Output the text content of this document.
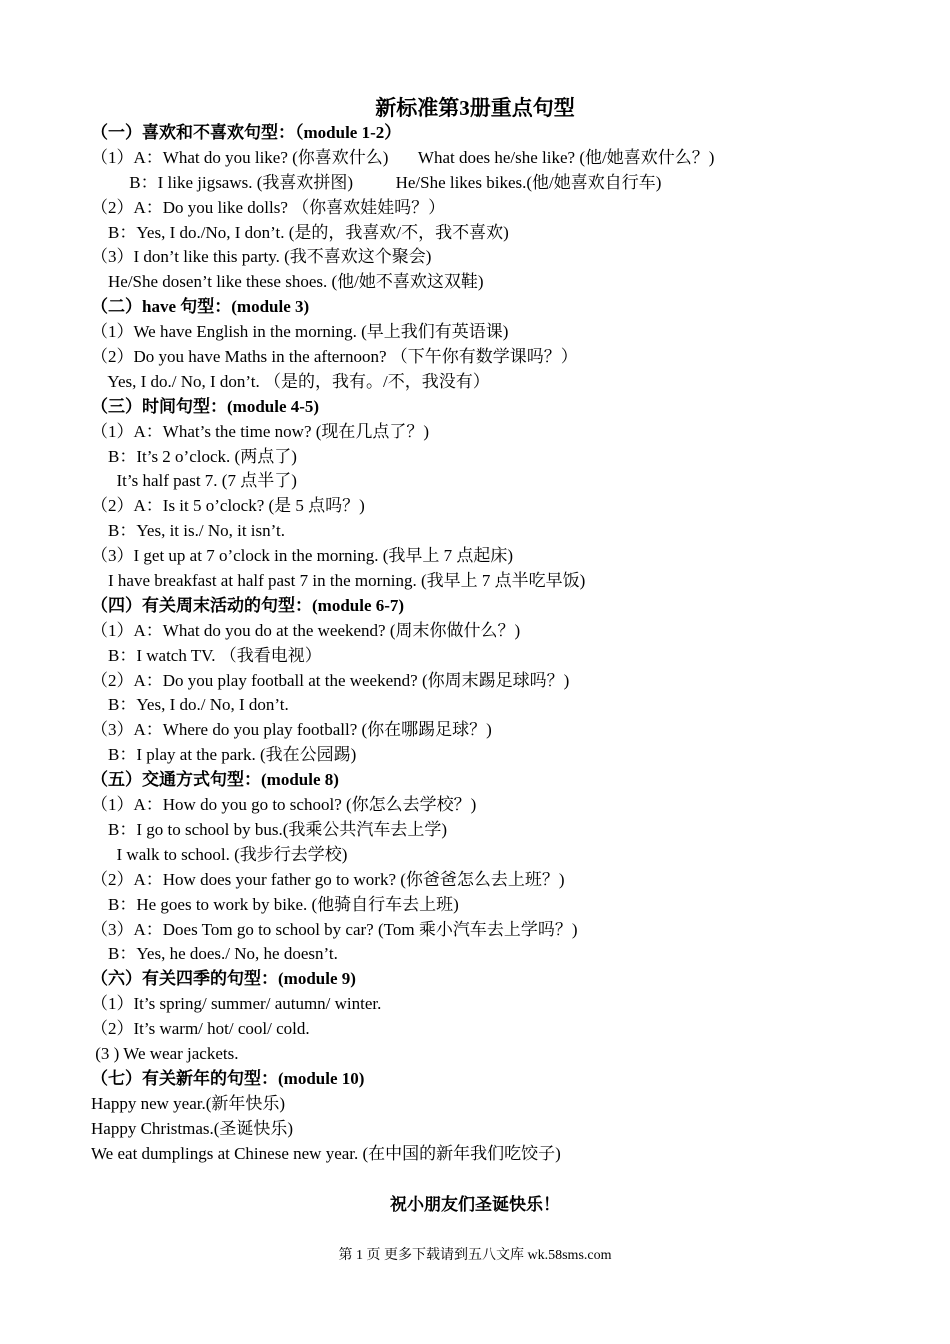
新标准第3册重点句型
（一）喜欢和不喜欢句型：（module 1-2）
（1）A：What do you like? (你喜欢什么)       What does he/she like? (他/她喜欢什么？)
B：I like jigsaws. (我喜欢拼图)          He/She likes bikes.(他/她喜欢自行车)
（2）A：Do you like dolls? （你喜欢娃娃吗？）
B：Yes, I do./No, I don’t. (是的，我喜欢/不，我不喜欢)
（3）I don’t like this party. (我不喜欢这个聚会)
He/She dosen’t like these shoes. (他/她不喜欢这双鞋)
（二）have 句型：(module 3)
（1）We have English in the morning. (早上我们有英语课)
（2）Do you have Maths in the afternoon? （下午你有数学课吗？）
Yes, I do./ No, I don’t. （是的，我有。/不，我没有）
（三）时间句型：(module 4-5)
（1）A：What’s the time now? (现在几点了？)
B：It’s 2 o’clock. (两点了)
It’s half past 7. (7 点半了)
（2）A：Is it 5 o’clock? (是 5 点吗？)
B：Yes, it is./ No, it isn’t.
（3）I get up at 7 o’clock in the morning. (我早上 7 点起床)
I have breakfast at half past 7 in the morning. (我早上 7 点半吃早饭)
（四）有关周末活动的句型：(module 6-7)
（1）A：What do you do at the weekend? (周末你做什么？)
B：I watch TV. （我看电视）
（2）A：Do you play football at the weekend? (你周末踢足球吗？)
B：Yes, I do./ No, I don’t.
（3）A：Where do you play football? (你在哪踢足球？)
B：I play at the park. (我在公园踢)
（五）交通方式句型：(module 8)
（1）A：How do you go to school? (你怎么去学校？)
B：I go to school by bus.(我乘公共汽车去上学)
I walk to school. (我步行去学校)
（2）A：How does your father go to work? (你爸爸怎么去上班？)
B：He goes to work by bike. (他骑自行车去上班)
（3）A：Does Tom go to school by car? (Tom 乘小汽车去上学吗？)
B：Yes, he does./ No, he doesn’t.
（六）有关四季的句型：(module 9)
（1）It’s spring/ summer/ autumn/ winter.
（2）It’s warm/ hot/ cool/ cold.
(3 ) We wear jackets.
（七）有关新年的句型：(module 10)
Happy new year.(新年快乐)
Happy Christmas.(圣诞快乐)
We eat dumplings at Chinese new year. (在中国的新年我们吃饺子)
祝小朋友们圣诞快乐！
第 1 页 更多下载请到五八文库 wk.58sms.com
